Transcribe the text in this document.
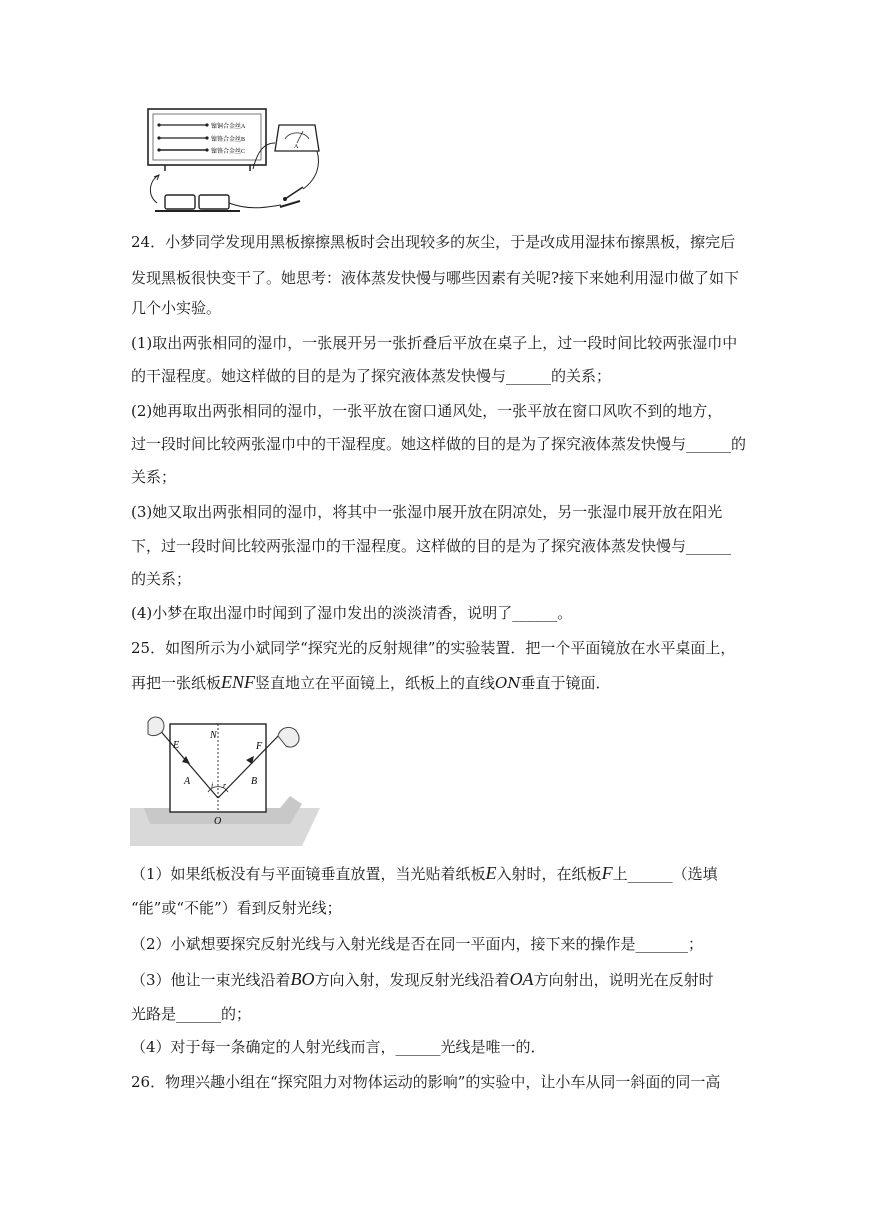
镍铜合金丝A
镍铬合金丝B
镍铬合金丝C
A
24．小梦同学发现用黑板擦擦黑板时会出现较多的灰尘，于是改成用湿抹布擦黑板，擦完后
发现黑板很快变干了。她思考：液体蒸发快慢与哪些因素有关呢?接下来她利用湿巾做了如下
几个小实验。
(1)取出两张相同的湿巾，一张展开另一张折叠后平放在桌子上，过一段时间比较两张湿巾中
的干湿程度。她这样做的目的是为了探究液体蒸发快慢与______的关系；
(2)她再取出两张相同的湿巾，一张平放在窗口通风处，一张平放在窗口风吹不到的地方，
过一段时间比较两张湿巾中的干湿程度。她这样做的目的是为了探究液体蒸发快慢与______的
关系；
(3)她又取出两张相同的湿巾，将其中一张湿巾展开放在阴凉处，另一张湿巾展开放在阳光
下，过一段时间比较两张湿巾的干湿程度。这样做的目的是为了探究液体蒸发快慢与______
的关系；
(4)小梦在取出湿巾时闻到了湿巾发出的淡淡清香，说明了______。
25．如图所示为小斌同学“探究光的反射规律”的实验装置．把一个平面镜放在水平桌面上，
再把一张纸板ENF竖直地立在平面镜上，纸板上的直线ON垂直于镜面．
E
N
F
A	B
O
i r
（1）如果纸板没有与平面镜垂直放置，当光贴着纸板E入射时，在纸板F上______（选填
“能”或“不能”）看到反射光线；
（2）小斌想要探究反射光线与入射光线是否在同一平面内，接下来的操作是_______；
（3）他让一束光线沿着BO方向入射，发现反射光线沿着OA方向射出，说明光在反射时
光路是______的；
（4）对于每一条确定的人射光线而言，______光线是唯一的．
26．物理兴趣小组在“探究阻力对物体运动的影响”的实验中，让小车从同一斜面的同一高
